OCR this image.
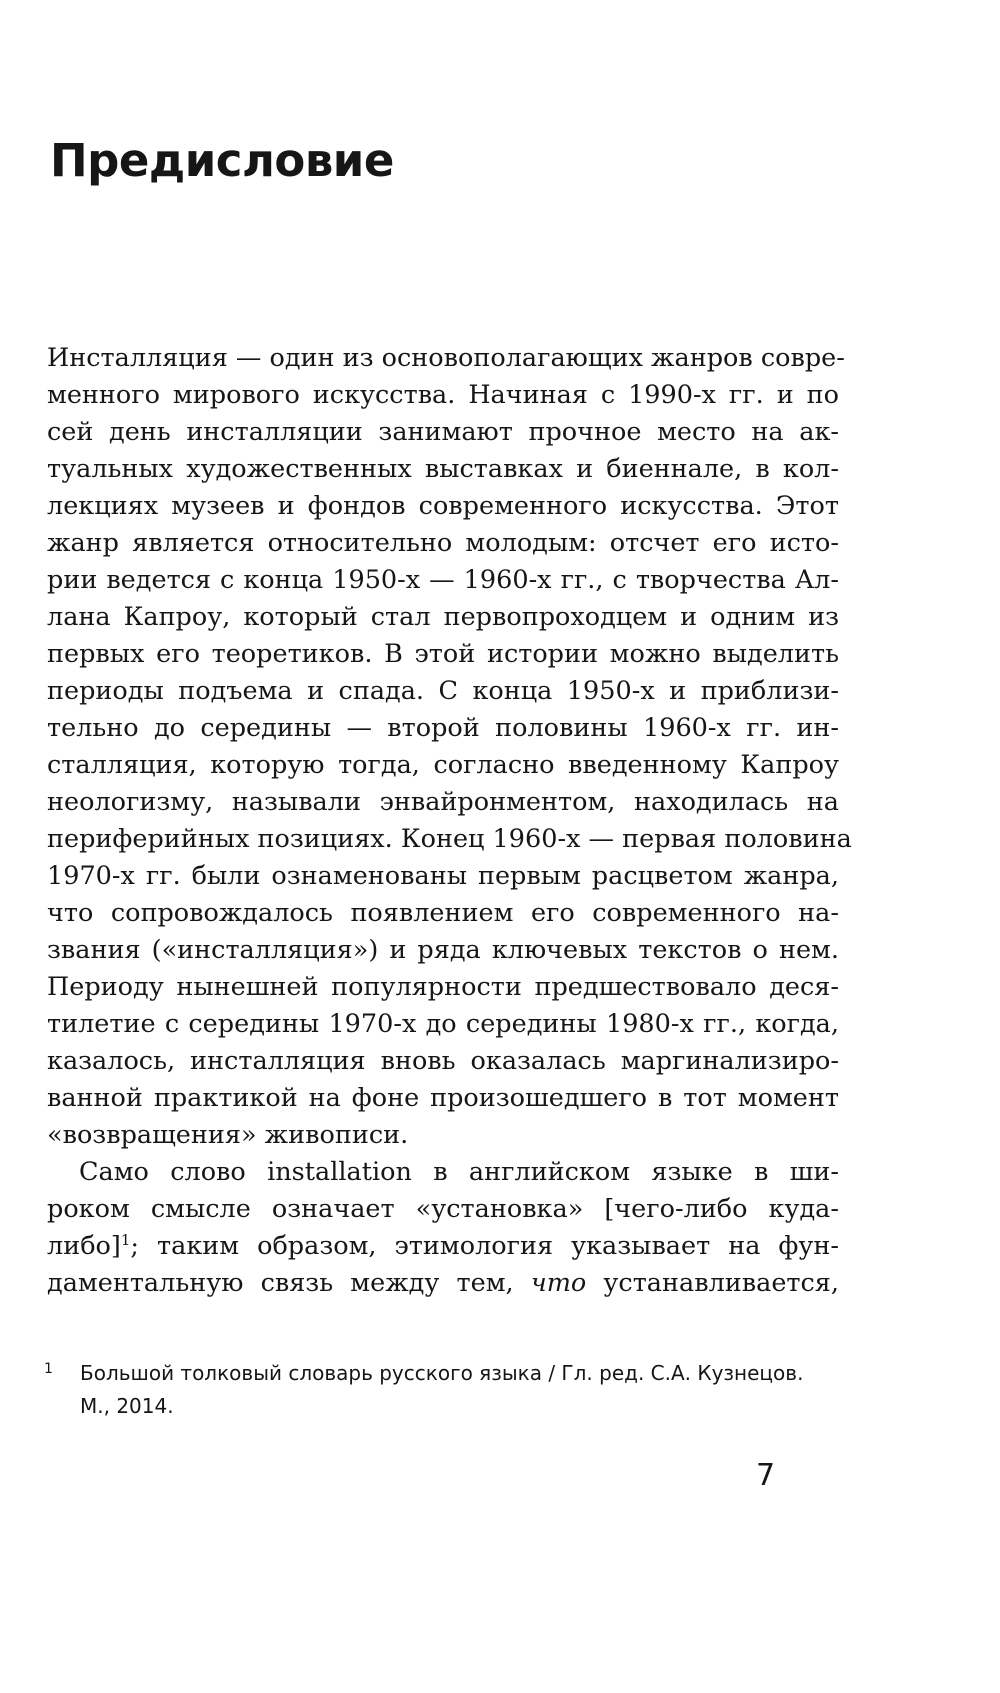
Предисловие
Инсталляция — один из основополагающих жанров совре-
менного мирового искусства. Начиная с 1990-х гг. и по
сей день инсталляции занимают прочное место на ак-
туальных художественных выставках и биеннале, в кол-
лекциях музеев и фондов современного искусства. Этот
жанр является относительно молодым: отсчет его исто-
рии ведется с конца 1950-х — 1960-х гг., с творчества Ал-
лана Капроу, который стал первопроходцем и одним из
первых его теоретиков. В этой истории можно выделить
периоды подъема и спада. С конца 1950-х и приблизи-
тельно до середины — второй половины 1960-х гг. ин-
сталляция, которую тогда, согласно введенному Капроу
неологизму, называли энвайронментом, находилась на
периферийных позициях. Конец 1960-х — первая половина
1970-х гг. были ознаменованы первым расцветом жанра,
что сопровождалось появлением его современного на-
звания («инсталляция») и ряда ключевых текстов о нем.
Периоду нынешней популярности предшествовало деся-
тилетие с середины 1970-х до середины 1980-х гг., когда,
казалось, инсталляция вновь оказалась маргинализиро-
ванной практикой на фоне произошедшего в тот момент
«возвращения» живописи.
Само слово installation в английском языке в ши-
роком смысле означает «установка» [чего-либо куда-
либо]$^1$; таким образом, этимология указывает на фун-
даментальную связь между тем, что устанавливается,
1 Большой толковый словарь русского языка / Гл. ред. С.А. Кузнецов.
М., 2014.
7
